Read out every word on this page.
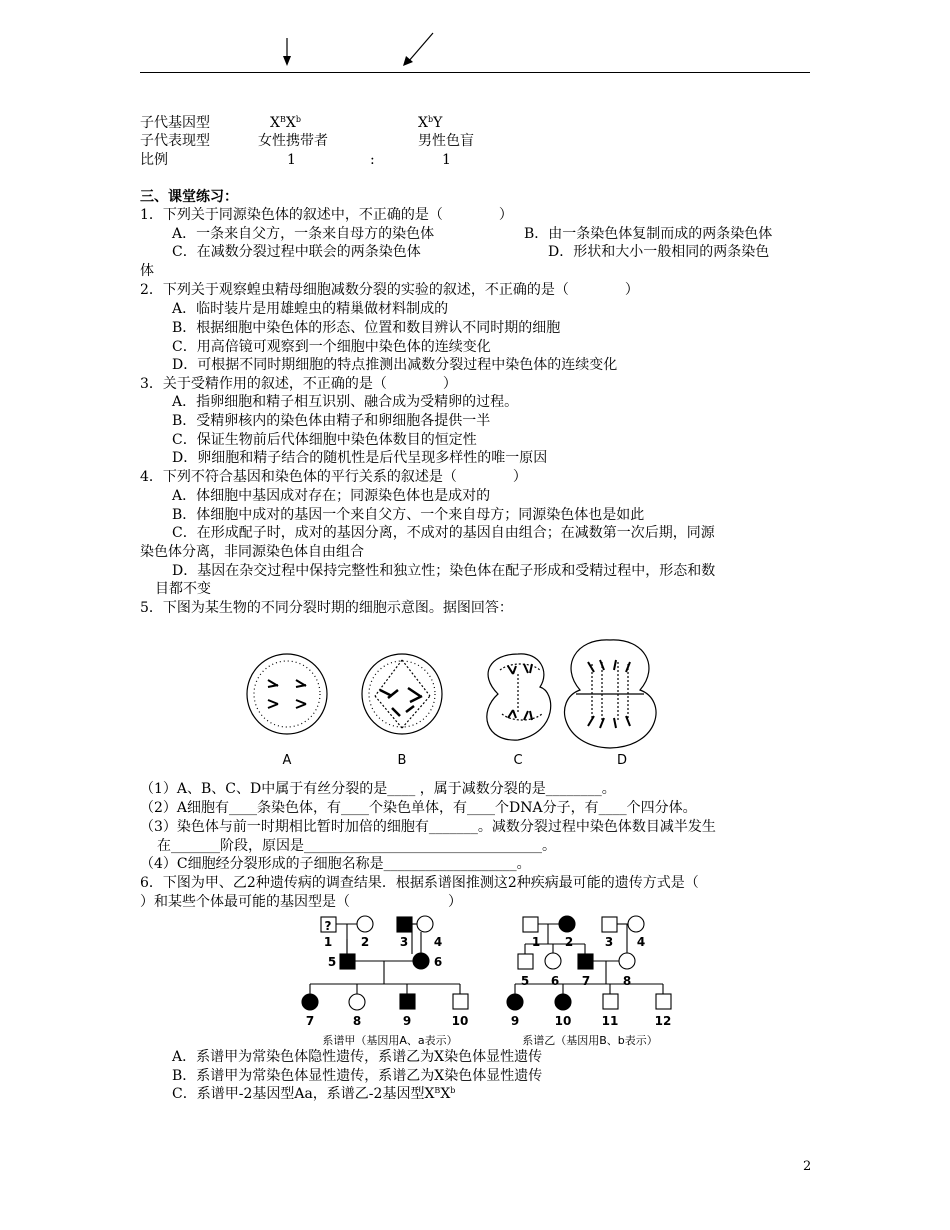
子代基因型	$X^BX^b$	$X^bY$
子代表现型	女性携带者	男性色盲
比例	1	:	1
三、课堂练习：
1．下列关于同源染色体的叙述中，不正确的是（　　　　）
A．一条来自父方，一条来自母方的染色体	B．由一条染色体复制而成的两条染色体
C．在减数分裂过程中联会的两条染色体	D．形状和大小一般相同的两条染色
体
2．下列关于观察蝗虫精母细胞减数分裂的实验的叙述，不正确的是（　　　　）
A．临时装片是用雄蝗虫的精巢做材料制成的
B．根据细胞中染色体的形态、位置和数目辨认不同时期的细胞
C．用高倍镜可观察到一个细胞中染色体的连续变化
D．可根据不同时期细胞的特点推测出减数分裂过程中染色体的连续变化
3．关于受精作用的叙述，不正确的是（　　　　）
A．指卵细胞和精子相互识别、融合成为受精卵的过程。
B．受精卵核内的染色体由精子和卵细胞各提供一半
C．保证生物前后代体细胞中染色体数目的恒定性
D．卵细胞和精子结合的随机性是后代呈现多样性的唯一原因
4．下列不符合基因和染色体的平行关系的叙述是（　　　　）
A．体细胞中基因成对存在；同源染色体也是成对的
B．体细胞中成对的基因一个来自父方、一个来自母方；同源染色体也是如此
C．在形成配子时，成对的基因分离，不成对的基因自由组合；在减数第一次后期，同源
染色体分离，非同源染色体自由组合
D．基因在杂交过程中保持完整性和独立性；染色体在配子形成和受精过程中，形态和数
目都不变
5．下图为某生物的不同分裂时期的细胞示意图。据图回答：
A	B	C	D
（1）A、B、C、D中属于有丝分裂的是____ ，属于减数分裂的是________。
（2）A细胞有____条染色体，有____个染色单体，有____个DNA分子，有____个四分体。
（3）染色体与前一时期相比暂时加倍的细胞有_______。减数分裂过程中染色体数目减半发生
在_______阶段，原因是__________________________________。
（4）C细胞经分裂形成的子细胞名称是___________________。
6．下图为甲、乙2种遗传病的调查结果．根据系谱图推测这2种疾病最可能的遗传方式是（
）和某些个体最可能的基因型是（　　　　　　　）
?
1 2	3 4
5	6
7	8	9	10
1 2	3 4
5 6 7	8
9	10	11	12
系谱甲（基因用A、a表示）	系谱乙（基因用B、b表示）
A．系谱甲为常染色体隐性遗传，系谱乙为X染色体显性遗传
B．系谱甲为常染色体显性遗传，系谱乙为X染色体显性遗传
C．系谱甲-2基因型Aa，系谱乙-2基因型$X^BX^b$
2
